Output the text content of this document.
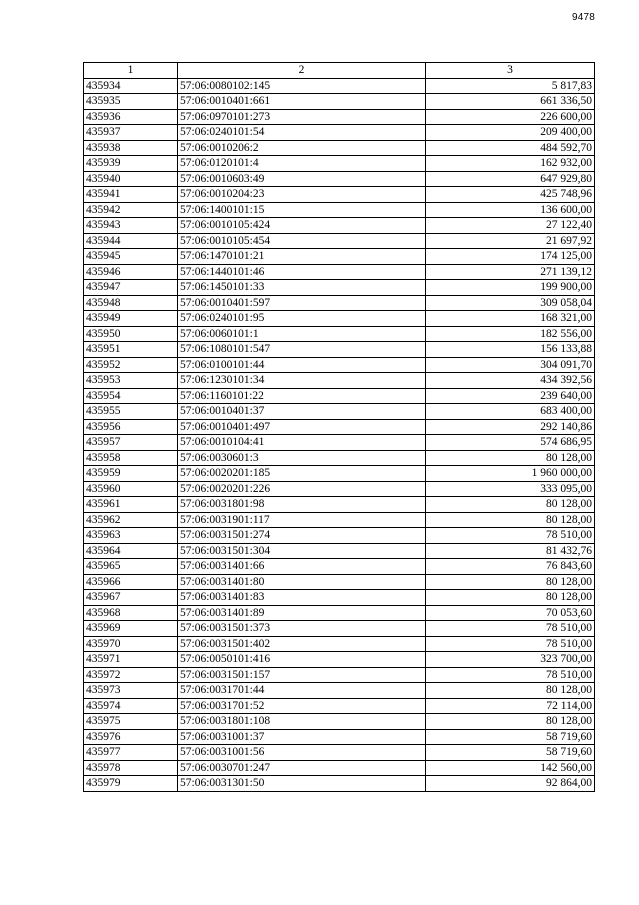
9478
1	2	3
435934	57:06:0080102:145	5 817,83
435935	57:06:0010401:661	661 336,50
435936	57:06:0970101:273	226 600,00
435937	57:06:0240101:54	209 400,00
435938	57:06:0010206:2	484 592,70
435939	57:06:0120101:4	162 932,00
435940	57:06:0010603:49	647 929,80
435941	57:06:0010204:23	425 748,96
435942	57:06:1400101:15	136 600,00
435943	57:06:0010105:424	27 122,40
435944	57:06:0010105:454	21 697,92
435945	57:06:1470101:21	174 125,00
435946	57:06:1440101:46	271 139,12
435947	57:06:1450101:33	199 900,00
435948	57:06:0010401:597	309 058,04
435949	57:06:0240101:95	168 321,00
435950	57:06:0060101:1	182 556,00
435951	57:06:1080101:547	156 133,88
435952	57:06:0100101:44	304 091,70
435953	57:06:1230101:34	434 392,56
435954	57:06:1160101:22	239 640,00
435955	57:06:0010401:37	683 400,00
435956	57:06:0010401:497	292 140,86
435957	57:06:0010104:41	574 686,95
435958	57:06:0030601:3	80 128,00
435959	57:06:0020201:185	1 960 000,00
435960	57:06:0020201:226	333 095,00
435961	57:06:0031801:98	80 128,00
435962	57:06:0031901:117	80 128,00
435963	57:06:0031501:274	78 510,00
435964	57:06:0031501:304	81 432,76
435965	57:06:0031401:66	76 843,60
435966	57:06:0031401:80	80 128,00
435967	57:06:0031401:83	80 128,00
435968	57:06:0031401:89	70 053,60
435969	57:06:0031501:373	78 510,00
435970	57:06:0031501:402	78 510,00
435971	57:06:0050101:416	323 700,00
435972	57:06:0031501:157	78 510,00
435973	57:06:0031701:44	80 128,00
435974	57:06:0031701:52	72 114,00
435975	57:06:0031801:108	80 128,00
435976	57:06:0031001:37	58 719,60
435977	57:06:0031001:56	58 719,60
435978	57:06:0030701:247	142 560,00
435979	57:06:0031301:50	92 864,00
